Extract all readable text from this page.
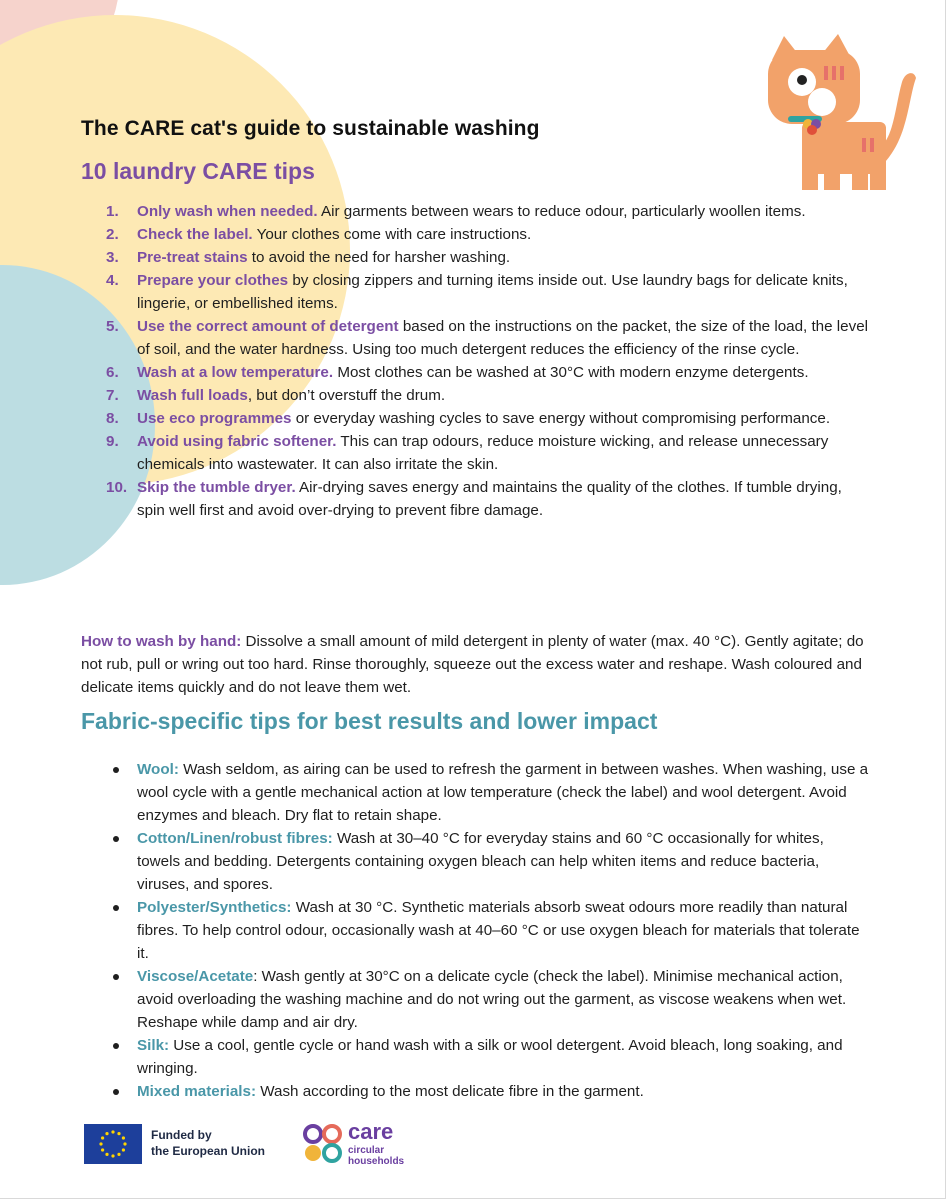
The CARE cat's guide to sustainable washing
10 laundry CARE tips
1. Only wash when needed. Air garments between wears to reduce odour, particularly woollen items.
2. Check the label. Your clothes come with care instructions.
3. Pre-treat stains to avoid the need for harsher washing.
4. Prepare your clothes by closing zippers and turning items inside out. Use laundry bags for delicate knits, lingerie, or embellished items.
5. Use the correct amount of detergent based on the instructions on the packet, the size of the load, the level of soil, and the water hardness. Using too much detergent reduces the efficiency of the rinse cycle.
6. Wash at a low temperature. Most clothes can be washed at 30°C with modern enzyme detergents.
7. Wash full loads, but don’t overstuff the drum.
8. Use eco programmes or everyday washing cycles to save energy without compromising performance.
9. Avoid using fabric softener. This can trap odours, reduce moisture wicking, and release unnecessary chemicals into wastewater. It can also irritate the skin.
10. Skip the tumble dryer. Air-drying saves energy and maintains the quality of the clothes. If tumble drying, spin well first and avoid over-drying to prevent fibre damage.
How to wash by hand: Dissolve a small amount of mild detergent in plenty of water (max. 40 °C). Gently agitate; do not rub, pull or wring out too hard. Rinse thoroughly, squeeze out the excess water and reshape. Wash coloured and delicate items quickly and do not leave them wet.
Fabric-specific tips for best results and lower impact
Wool: Wash seldom, as airing can be used to refresh the garment in between washes. When washing, use a wool cycle with a gentle mechanical action at low temperature (check the label) and wool detergent. Avoid enzymes and bleach. Dry flat to retain shape.
Cotton/Linen/robust fibres: Wash at 30–40 °C for everyday stains and 60 °C occasionally for whites, towels and bedding. Detergents containing oxygen bleach can help whiten items and reduce bacteria, viruses, and spores.
Polyester/Synthetics: Wash at 30 °C. Synthetic materials absorb sweat odours more readily than natural fibres. To help control odour, occasionally wash at 40–60 °C or use oxygen bleach for materials that tolerate it.
Viscose/Acetate: Wash gently at 30°C on a delicate cycle (check the label). Minimise mechanical action, avoid overloading the washing machine and do not wring out the garment, as viscose weakens when wet. Reshape while damp and air dry.
Silk: Use a cool, gentle cycle or hand wash with a silk or wool detergent. Avoid bleach, long soaking, and wringing.
Mixed materials: Wash according to the most delicate fibre in the garment.
Funded by
the European Union
care
circular
households
